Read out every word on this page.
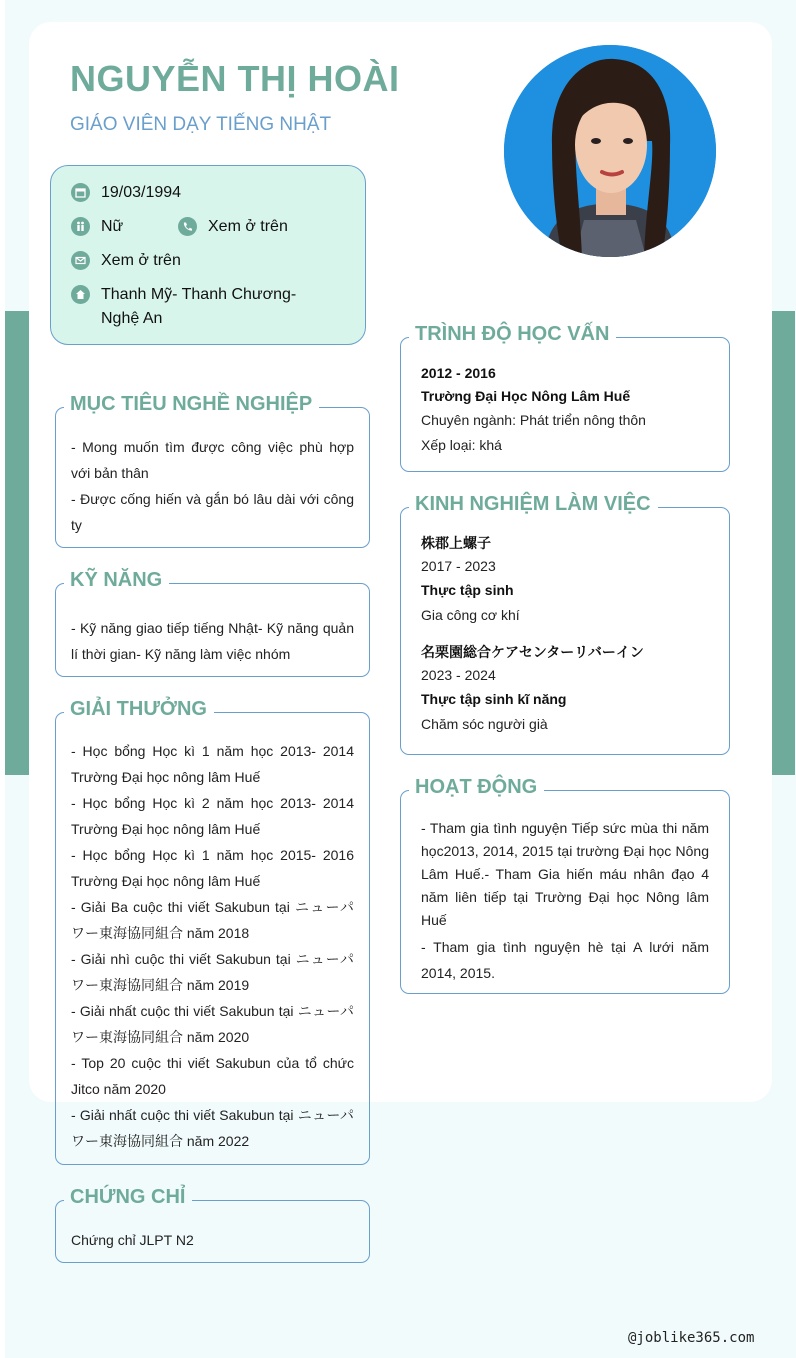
NGUYỄN THỊ HOÀI
GIÁO VIÊN DẠY TIẾNG NHẬT
19/03/1994
Nữ	Xem ở trên
Xem ở trên
Thanh Mỹ- Thanh Chương- Nghệ An
MỤC TIÊU NGHỀ NGHIỆP

- Mong muốn tìm được công việc phù hợp với bản thân

- Được cống hiến và gắn bó lâu dài với công ty

KỸ NĂNG

- Kỹ năng giao tiếp tiếng Nhật- Kỹ năng quản lí thời gian- Kỹ năng làm việc nhóm

GIẢI THƯỞNG

- Học bổng Học kì 1 năm học 2013- 2014 Trường Đại học nông lâm Huế

- Học bổng Học kì 2 năm học 2013- 2014 Trường Đại học nông lâm Huế

- Học bổng Học kì 1 năm học 2015- 2016 Trường Đại học nông lâm Huế

- Giải Ba cuộc thi viết Sakubun tại ニューパワー東海協同組合 năm 2018

- Giải nhì cuộc thi viết Sakubun tại ニューパワー東海協同組合 năm 2019

- Giải nhất cuộc thi viết Sakubun tại ニューパワー東海協同組合 năm 2020

- Top 20 cuộc thi viết Sakubun của tổ chức Jitco năm 2020

- Giải nhất cuộc thi viết Sakubun tại ニューパワー東海協同組合 năm 2022

CHỨNG CHỈ

Chứng chỉ JLPT N2

TRÌNH ĐỘ HỌC VẤN

2012 - 2016

Trường Đại Học Nông Lâm Huế

Chuyên ngành: Phát triển nông thôn

Xếp loại: khá

KINH NGHIỆM LÀM VIỆC

株郡上螺子

2017 - 2023

Thực tập sinh

Gia công cơ khí

名栗園総合ケアセンターリバーイン

2023 - 2024

Thực tập sinh kĩ năng

Chăm sóc người già

HOẠT ĐỘNG

- Tham gia tình nguyện Tiếp sức mùa thi năm học2013, 2014, 2015 tại trường Đại học Nông Lâm Huế.- Tham Gia hiến máu nhân đạo 4 năm liên tiếp tại Trường Đại học Nông lâm Huế

- Tham gia tình nguyện hè tại A lưới năm 2014, 2015.

@joblike365.com
